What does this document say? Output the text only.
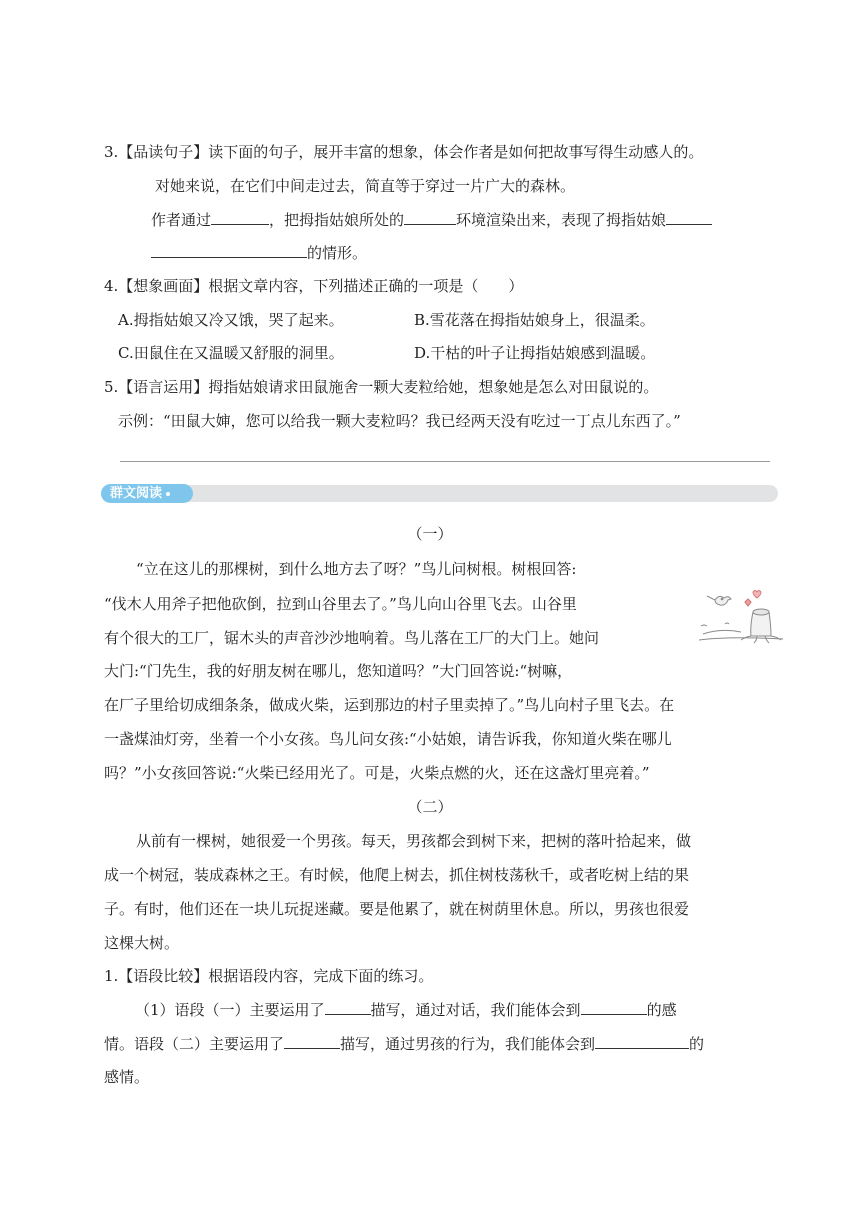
3.【品读句子】读下面的句子，展开丰富的想象，体会作者是如何把故事写得生动感人的。
对她来说，在它们中间走过去，简直等于穿过一片广大的森林。
作者通过	，把拇指姑娘所处的	环境渲染出来，表现了拇指姑娘
的情形。
4.【想象画面】根据文章内容，下列描述正确的一项是（　　）
A.拇指姑娘又冷又饿，哭了起来。	B.雪花落在拇指姑娘身上，很温柔。
C.田鼠住在又温暖又舒服的洞里。	D.干枯的叶子让拇指姑娘感到温暖。
5.【语言运用】拇指姑娘请求田鼠施舍一颗大麦粒给她，想象她是怎么对田鼠说的。
示例：“田鼠大婶，您可以给我一颗大麦粒吗？我已经两天没有吃过一丁点儿东西了。”
群文阅读
（一）
“立在这儿的那棵树，到什么地方去了呀？”鸟儿问树根。树根回答:
“伐木人用斧子把他砍倒，拉到山谷里去了。”鸟儿向山谷里飞去。山谷里
有个很大的工厂，锯木头的声音沙沙地响着。鸟儿落在工厂的大门上。她问
大门:“门先生，我的好朋友树在哪儿，您知道吗？”大门回答说:“树嘛，
在厂子里给切成细条条，做成火柴，运到那边的村子里卖掉了。”鸟儿向村子里飞去。在
一盏煤油灯旁，坐着一个小女孩。鸟儿问女孩:“小姑娘，请告诉我，你知道火柴在哪儿
吗？”小女孩回答说:“火柴已经用光了。可是，火柴点燃的火，还在这盏灯里亮着。”
（二）
从前有一棵树，她很爱一个男孩。每天，男孩都会到树下来，把树的落叶拾起来，做
成一个树冠，装成森林之王。有时候，他爬上树去，抓住树枝荡秋千，或者吃树上结的果
子。有时，他们还在一块儿玩捉迷藏。要是他累了，就在树荫里休息。所以，男孩也很爱
这棵大树。
1.【语段比较】根据语段内容，完成下面的练习。
（1）语段（一）主要运用了	描写，通过对话，我们能体会到	的感
情。语段（二）主要运用了	描写，通过男孩的行为，我们能体会到	的
感情。
